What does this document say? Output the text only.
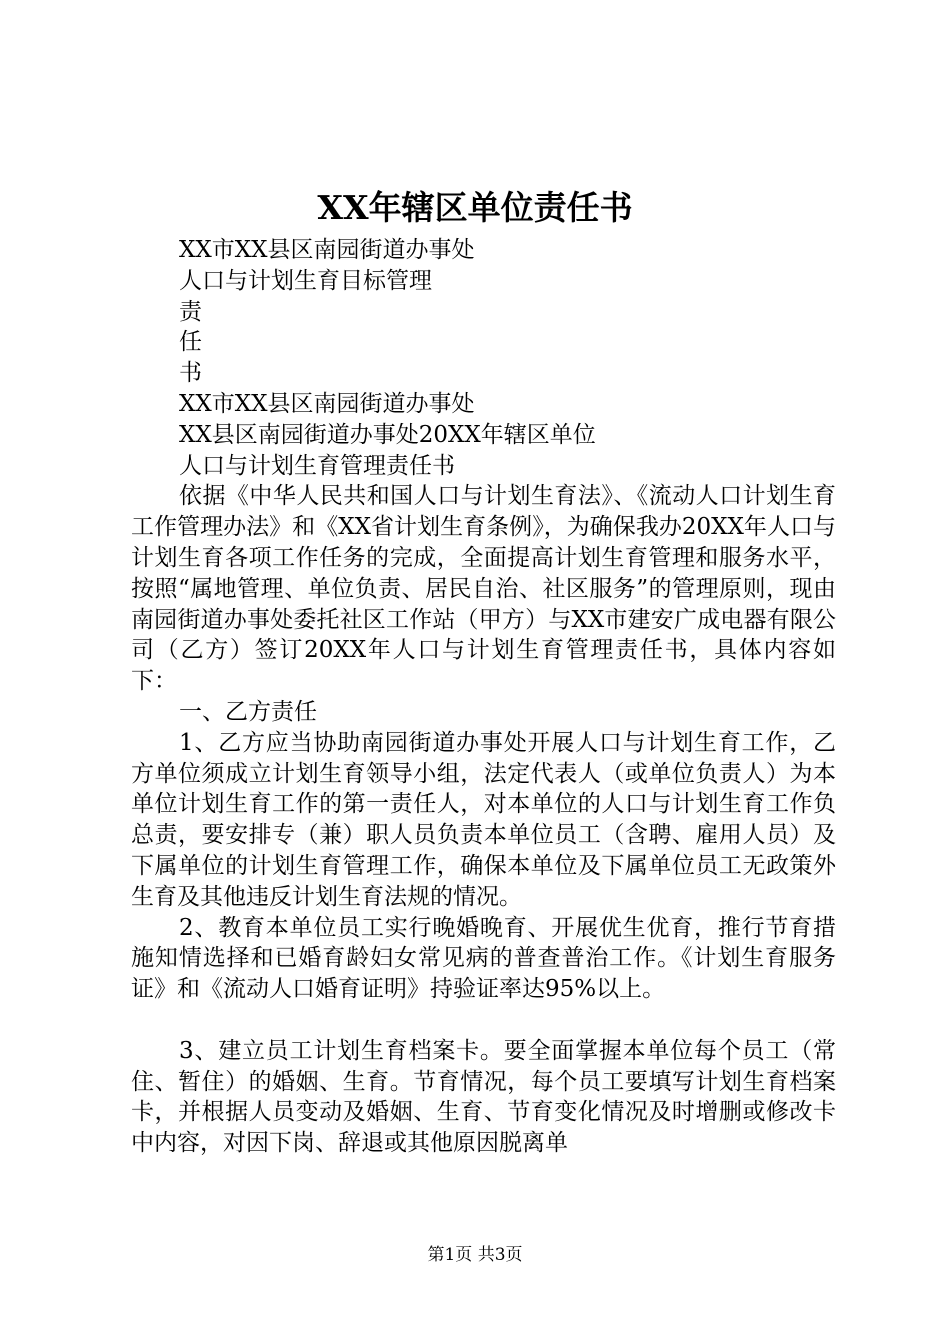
XX年辖区单位责任书
XX市XX县区南园街道办事处
人口与计划生育目标管理
责
任
书
XX市XX县区南园街道办事处
XX县区南园街道办事处20XX年辖区单位
人口与计划生育管理责任书

依据《中华人民共和国人口与计划生育法》、《流动人口计划生育工作管理办法》和《XX省计划生育条例》，为确保我办20XX年人口与计划生育各项工作任务的完成，全面提高计划生育管理和服务水平，按照“属地管理、单位负责、居民自治、社区服务”的管理原则，现由南园街道办事处委托社区工作站（甲方）与XX市建安广成电器有限公司（乙方）签订20XX年人口与计划生育管理责任书，具体内容如下：

一、乙方责任

1、乙方应当协助南园街道办事处开展人口与计划生育工作，乙方单位须成立计划生育领导小组，法定代表人（或单位负责人）为本单位计划生育工作的第一责任人，对本单位的人口与计划生育工作负总责，要安排专（兼）职人员负责本单位员工（含聘、雇用人员）及下属单位的计划生育管理工作，确保本单位及下属单位员工无政策外生育及其他违反计划生育法规的情况。

2、教育本单位员工实行晚婚晚育、开展优生优育，推行节育措施知情选择和已婚育龄妇女常见病的普查普治工作。《计划生育服务证》和《流动人口婚育证明》持验证率达95%以上。

3、建立员工计划生育档案卡。要全面掌握本单位每个员工（常住、暂住）的婚姻、生育。节育情况，每个员工要填写计划生育档案卡，并根据人员变动及婚姻、生育、节育变化情况及时增删或修改卡中内容，对因下岗、辞退或其他原因脱离单

第1页 共3页
